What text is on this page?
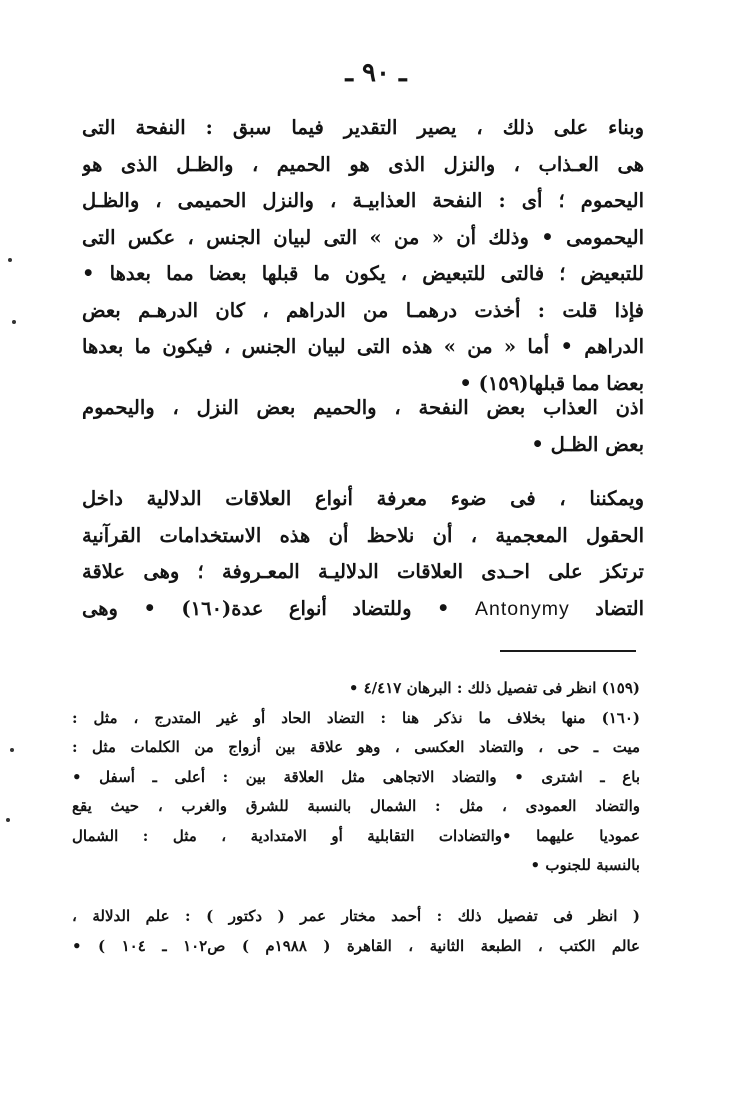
ـ ٩٠ ـ
وبناء على ذلك ، يصير التقدير فيما سبق : النفحة التى
هى العـذاب ، والنزل الذى هو الحميم ، والظـل الذى هو
اليحموم ؛ أى : النفحة العذابيـة ، والنزل الحميمى ، والظـل
اليحمومى • وذلك أن « من » التى لبيان الجنس ، عكس التى
للتبعيض ؛ فالتى للتبعيض ، يكون ما قبلها بعضا مما بعدها •
فإذا قلت : أخذت درهمـا من الدراهم ، كان الدرهـم بعض
الدراهم • أما « من » هذه التى لبيان الجنس ، فيكون ما بعدها
بعضا مما قبلها(١٥٩) •
اذن العذاب بعض النفحة ، والحميم بعض النزل ، واليحموم
بعض الظـل •
ويمكننا ، فى ضوء معرفة أنواع العلاقات الدلالية داخل
الحقول المعجمية ، أن نلاحظ أن هذه الاستخدامات القرآنية
ترتكز على احـدى العلاقات الدلاليـة المعـروفة ؛ وهى علاقة
التضاد Antonymy • وللتضاد أنواع عدة(١٦٠) • وهى
(١٥٩) انظر فى تفصيل ذلك : البرهان ٤/٤١٧ •
(١٦٠) منها بخلاف ما نذكر هنا : التضاد الحاد أو غير المتدرج ، مثل :
ميت ـ حى ، والتضاد العكسى ، وهو علاقة بين أزواج من الكلمات مثل :
باع ـ اشترى • والتضاد الاتجاهى مثل العلاقة بين : أعلى ـ أسفل •
والتضاد العمودى ، مثل : الشمال بالنسبة للشرق والغرب ، حيث يقع
عموديا عليهما •والتضادات التقابلية أو الامتدادية ، مثل : الشمال
بالنسبة للجنوب •
( انظر فى تفصيل ذلك : أحمد مختار عمر ( دكتور ) : علم الدلالة ،
عالم الكتب ، الطبعة الثانية ، القاهرة ( ١٩٨٨م ) ص١٠٢ ـ ١٠٤ ) •
